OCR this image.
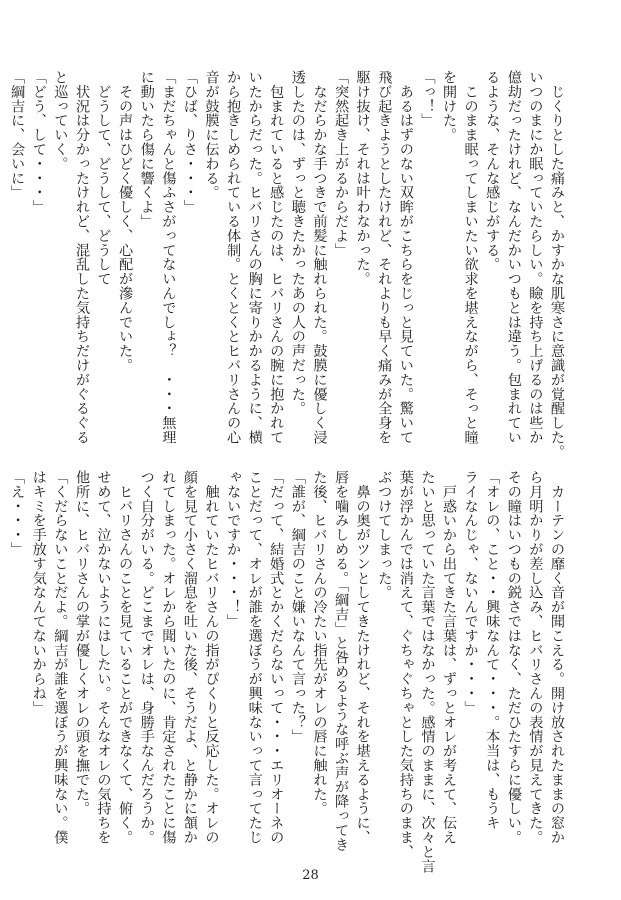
　じくりとした痛みと、かすかな肌寒さに意識が覚醒した。
いつのまにか眠っていたらしい。瞼を持ち上げるのは些か
億劫だったけれど、なんだかいつもとは違う。包まれてい
るような、そんな感じがする。
　このまま眠ってしまいたい欲求を堪えながら、そっと瞳
を開けた。
「っ！」
　あるはずのない双眸がこちらをじっと見ていた。驚いて
飛び起きようとしたけれど、それよりも早く痛みが全身を
駆け抜け、それは叶わなかった。
「突然起き上がるからだよ」
　なだらかな手つきで前髪に触れられた。鼓膜に優しく浸
透したのは、ずっと聴きたかったあの人の声だった。
　包まれていると感じたのは、ヒバリさんの腕に抱かれて
いたからだった。ヒバリさんの胸に寄りかかるように、横
から抱きしめられている体制。とくとくとヒバリさんの心
音が鼓膜に伝わる。
「ひば、りさ・・・」
「まだちゃんと傷ふさがってないんでしょ？　・・・無理
に動いたら傷に響くよ」
　その声はひどく優しく、心配が滲んでいた。
　どうして、どうして、どうして
　状況は分かったけれど、混乱した気持ちだけがぐるぐる
と巡っていく。
「どう、して・・・」
「綱吉に、会いに」
　カーテンの靡く音が聞こえる。開け放されたままの窓か
ら月明かりが差し込み、ヒバリさんの表情が見えてきた。
その瞳はいつもの鋭さではなく、ただひたすらに優しい。
「オレの、こと・・興味なんて・・・。本当は、もうキ
ライなんじゃ、ないんですか・・・」
　戸惑いから出てきた言葉は、ずっとオレが考えて、伝え
たいと思っていた言葉ではなかった。感情のままに、次々と言
葉が浮かんでは消えて、ぐちゃぐちゃとした気持ちのまま、
ぶつけてしまった。
　鼻の奥がツンとしてきたけれど、それを堪えるように、
唇を噛みしめる。「綱吉」と咎めるような呼ぶ声が降ってき
た後、ヒバリさんの冷たい指先がオレの唇に触れた。
「誰が、綱吉のこと嫌いなんて言った？」
「だって、結婚式とかくだらないって・・・エリオーネの
ことだって、オレが誰を選ぼうが興味ないって言ってたじ
ゃないですか・・・！」
　触れていたヒバリさんの指がぴくりと反応した。オレの
顔を見て小さく溜息を吐いた後、そうだよ、と静かに頷か
れてしまった。オレから聞いたのに、肯定されたことに傷
つく自分がいる。どこまでオレは、身勝手なんだろうか。
　ヒバリさんのことを見ていることができなくて、俯く。
せめて、泣かないようにはしたい。そんなオレの気持ちを
他所に、ヒバリさんの掌が優しくオレの頭を撫でた。
「くだらないことだよ。綱吉が誰を選ぼうが興味ない。僕
はキミを手放す気なんてないからね」
「え・・・」
28
